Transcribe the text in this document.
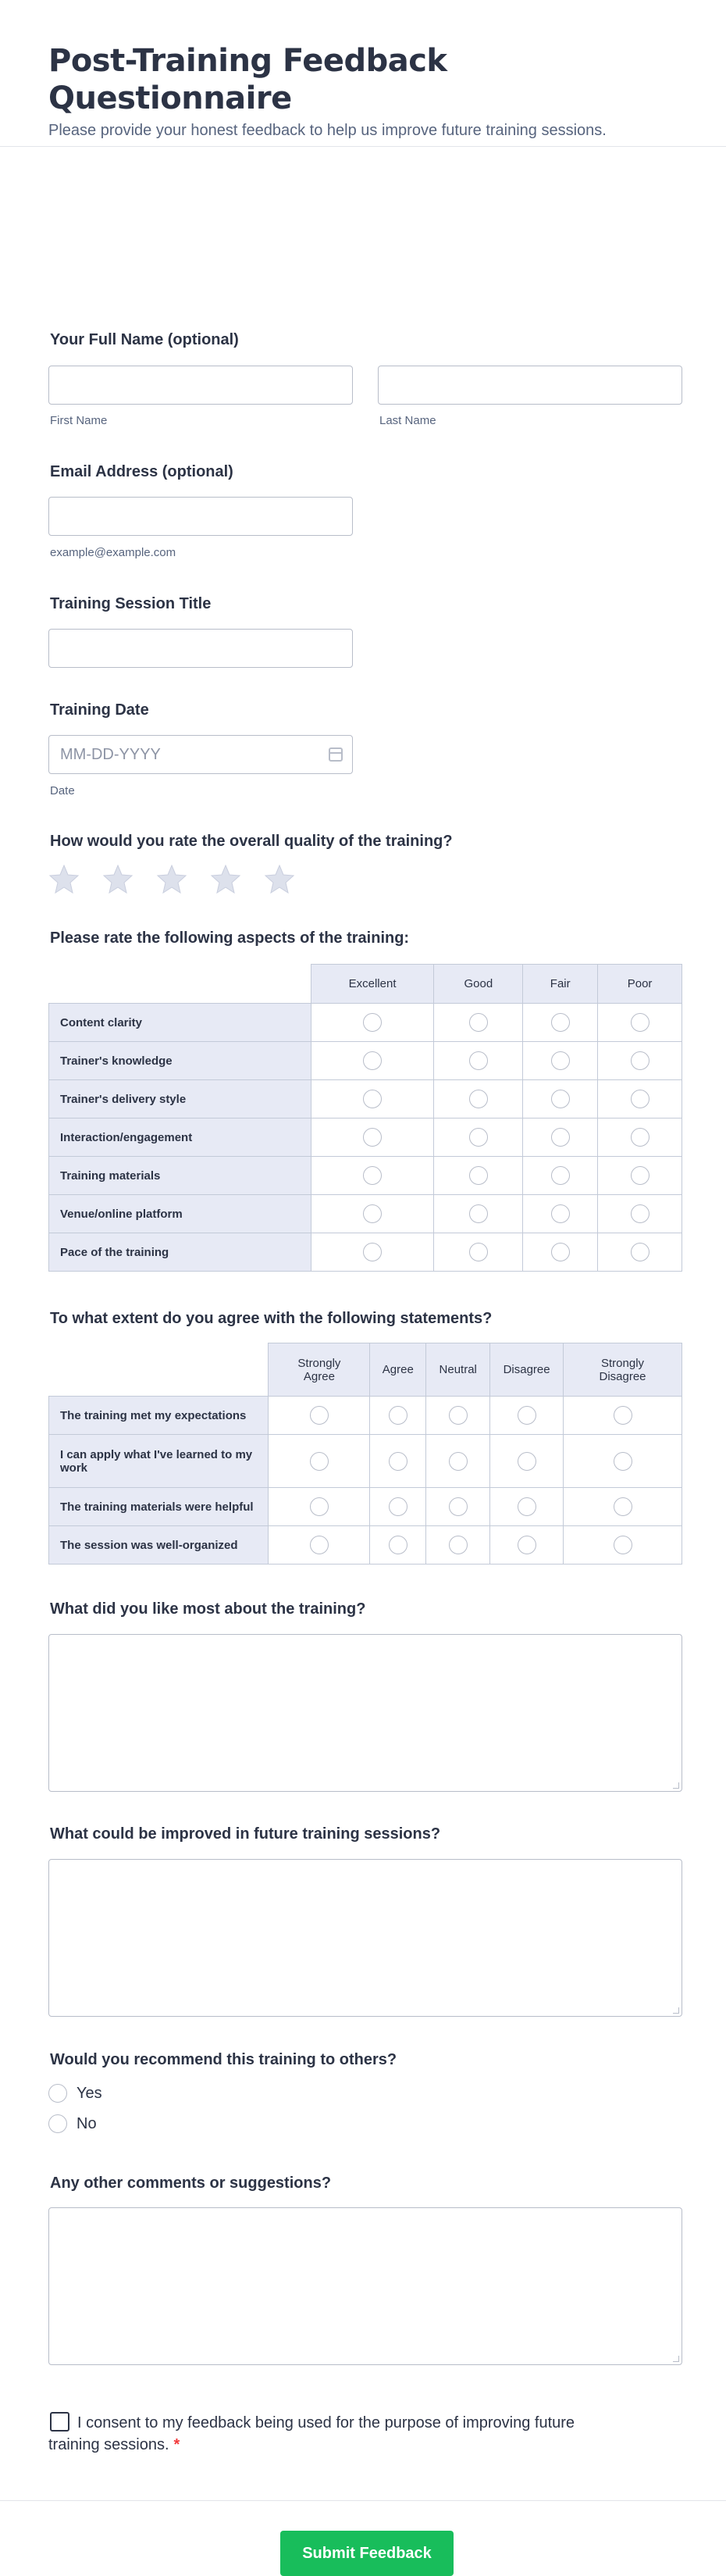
Post-Training Feedback Questionnaire
Please provide your honest feedback to help us improve future training sessions.
Your Full Name (optional)
First Name	Last Name
Email Address (optional)
example@example.com
Training Session Title
Training Date
MM-DD-YYYY
Date
How would you rate the overall quality of the training?
Please rate the following aspects of the training:
	Excellent	Good	Fair	Poor
Content clarity				
Trainer's knowledge				
Trainer's delivery style				
Interaction/engagement				
Training materials				
Venue/online platform				
Pace of the training				
To what extent do you agree with the following statements?
	Strongly Agree	Agree	Neutral	Disagree	Strongly Disagree
The training met my expectations					
I can apply what I've learned to my work					
The training materials were helpful					
The session was well-organized					
What did you like most about the training?
What could be improved in future training sessions?
Would you recommend this training to others?
Yes
No
Any other comments or suggestions?
I consent to my feedback being used for the purpose of improving future training sessions. *
Submit Feedback
